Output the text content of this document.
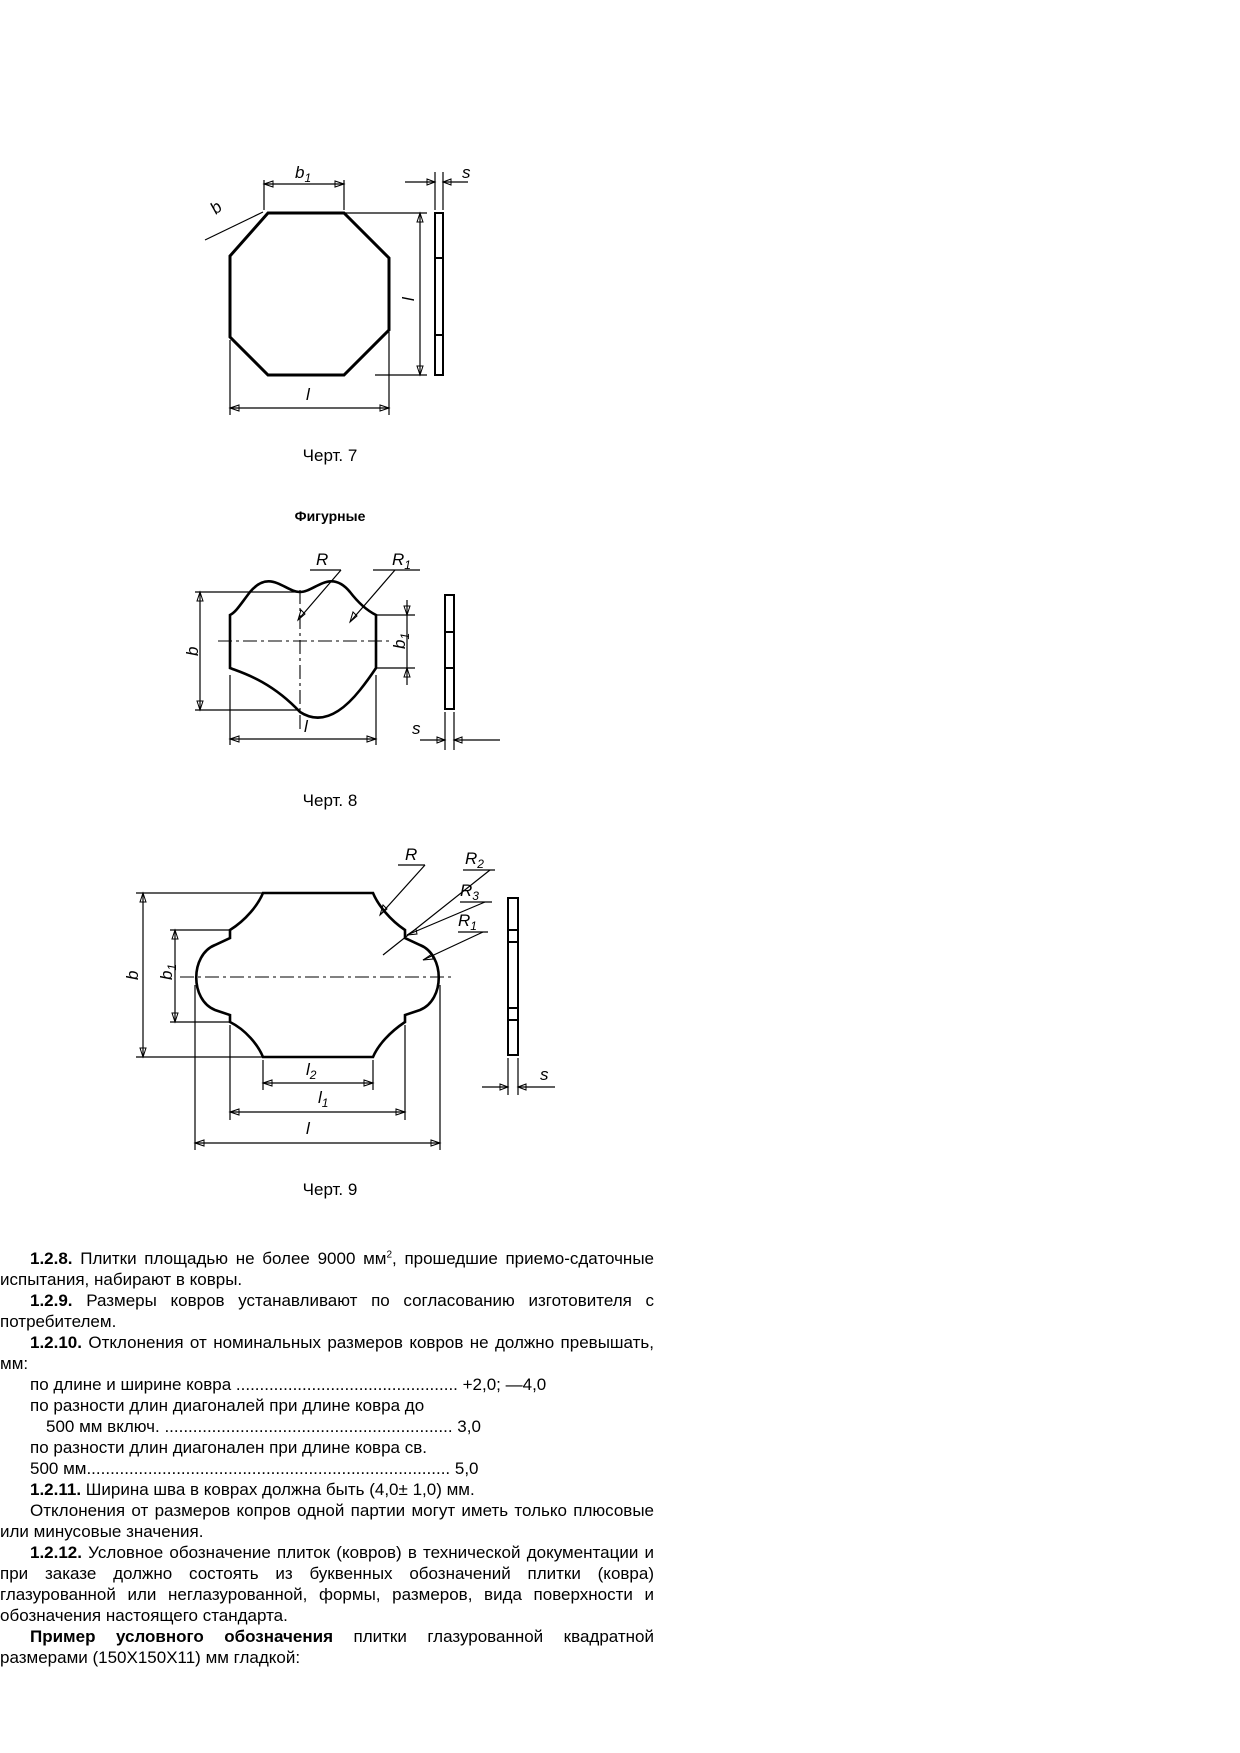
$b_1$
b
l
s
l
Черт. 7
Фигурные
b
$b_1$
R	$R_1$
l	s
Черт. 8
b $b_1$
R	$R_2$
$R_3$
$R_1$
s
$l_2$
$l_1$
l
Черт. 9

1.2.8. Плитки площадью не более 9000 $мм^2$, прошедшие приемо-сдаточные испытания, набирают в ковры.

1.2.9. Размеры ковров устанавливают по согласованию изготовителя с потребителем.

1.2.10. Отклонения от номинальных размеров ковров не должно превышать, мм:

по длине и ширине ковра ............................................... +2,0; —4,0

по разности длин диагоналей при длине ковра до

500 мм включ. ............................................................. 3,0

по разности длин диагонален при длине ковра св.

500 мм............................................................................. 5,0

1.2.11. Ширина шва в коврах должна быть (4,0± 1,0) мм.

Отклонения от размеров копров одной партии могут иметь только плюсовые или минусовые значения.

1.2.12. Условное обозначение плиток (ковров) в технической документации и при заказе должно состоять из буквенных обозначений плитки (ковра) глазурованной или неглазурованной, формы, размеров, вида поверхности и обозначения настоящего стандарта.

Пример условного обозначения плитки глазурованной квадратной размерами (150X150X11) мм гладкой:
